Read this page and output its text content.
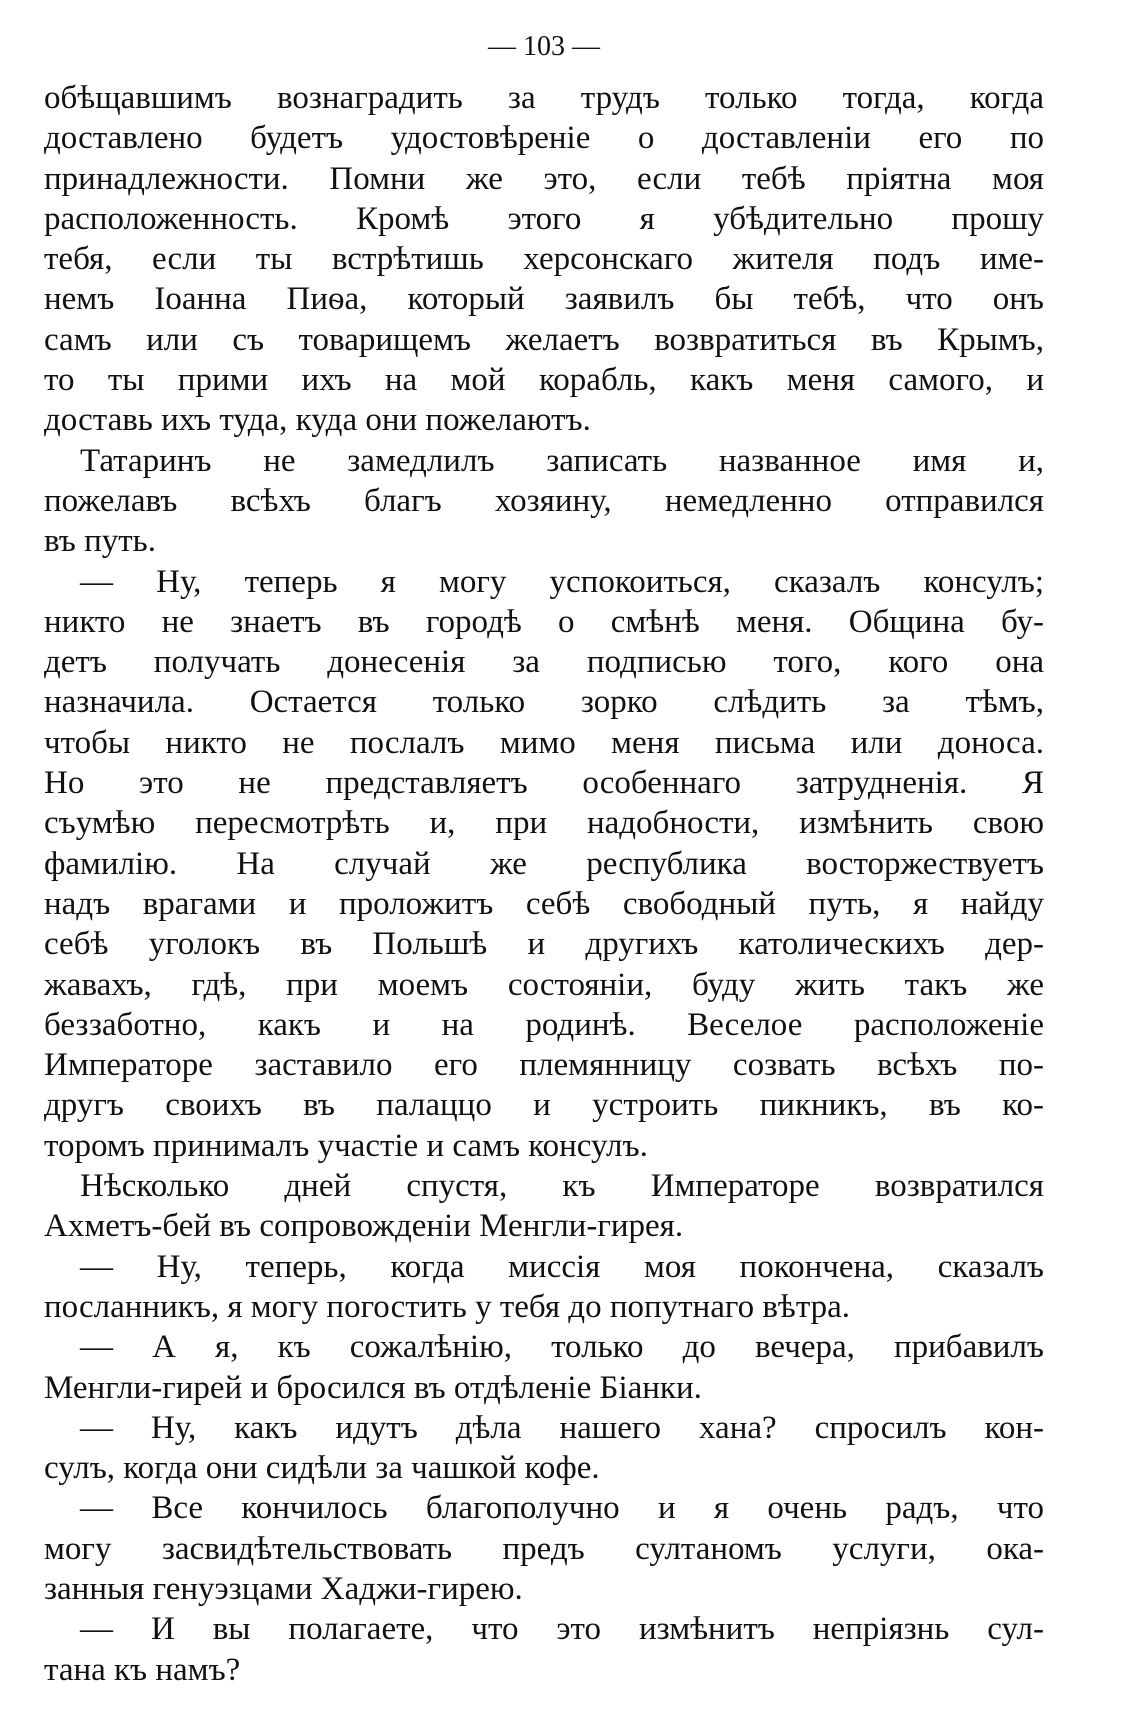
— 103 —
обѣщавшимъ вознаградить за трудъ только тогда, когда
доставлено будетъ удостовѣреніе о доставленіи его по
принадлежности. Помни же это, если тебѣ пріятна моя
расположенность. Кромѣ этого я убѣдительно прошу
тебя, если ты встрѣтишь херсонскаго жителя подъ име-
немъ Іоанна Пиѳа, который заявилъ бы тебѣ, что онъ
самъ или съ товарищемъ желаетъ возвратиться въ Крымъ,
то ты прими ихъ на мой корабль, какъ меня самого, и
доставь ихъ туда, куда они пожелаютъ.
Татаринъ не замедлилъ записать названное имя и,
пожелавъ всѣхъ благъ хозяину, немедленно отправился
въ путь.
— Ну, теперь я могу успокоиться, сказалъ консулъ;
никто не знаетъ въ городѣ о смѣнѣ меня. Община бу-
детъ получать донесенія за подписью того, кого она
назначила. Остается только зорко слѣдить за тѣмъ,
чтобы никто не послалъ мимо меня письма или доноса.
Но это не представляетъ особеннаго затрудненія. Я
съумѣю пересмотрѣть и, при надобности, измѣнить свою
фамилію. На случай же республика восторжествуетъ
надъ врагами и проложитъ себѣ свободный путь, я найду
себѣ уголокъ въ Польшѣ и другихъ католическихъ дер-
жавахъ, гдѣ, при моемъ состояніи, буду жить такъ же
беззаботно, какъ и на родинѣ. Веселое расположеніе
Императоре заставило его племянницу созвать всѣхъ по-
другъ своихъ въ палаццо и устроить пикникъ, въ ко-
торомъ принималъ участіе и самъ консулъ.
Нѣсколько дней спустя, къ Императоре возвратился
Ахметъ-бей въ сопровожденіи Менгли-гирея.
— Ну, теперь, когда миссія моя покончена, сказалъ
посланникъ, я могу погостить у тебя до попутнаго вѣтра.
— А я, къ сожалѣнію, только до вечера, прибавилъ
Менгли-гирей и бросился въ отдѣленіе Біанки.
— Ну, какъ идутъ дѣла нашего хана? спросилъ кон-
сулъ, когда они сидѣли за чашкой кофе.
— Все кончилось благополучно и я очень радъ, что
могу засвидѣтельствовать предъ султаномъ услуги, ока-
занныя генуэзцами Хаджи-гирею.
— И вы полагаете, что это измѣнитъ непріязнь сул-
тана къ намъ?
